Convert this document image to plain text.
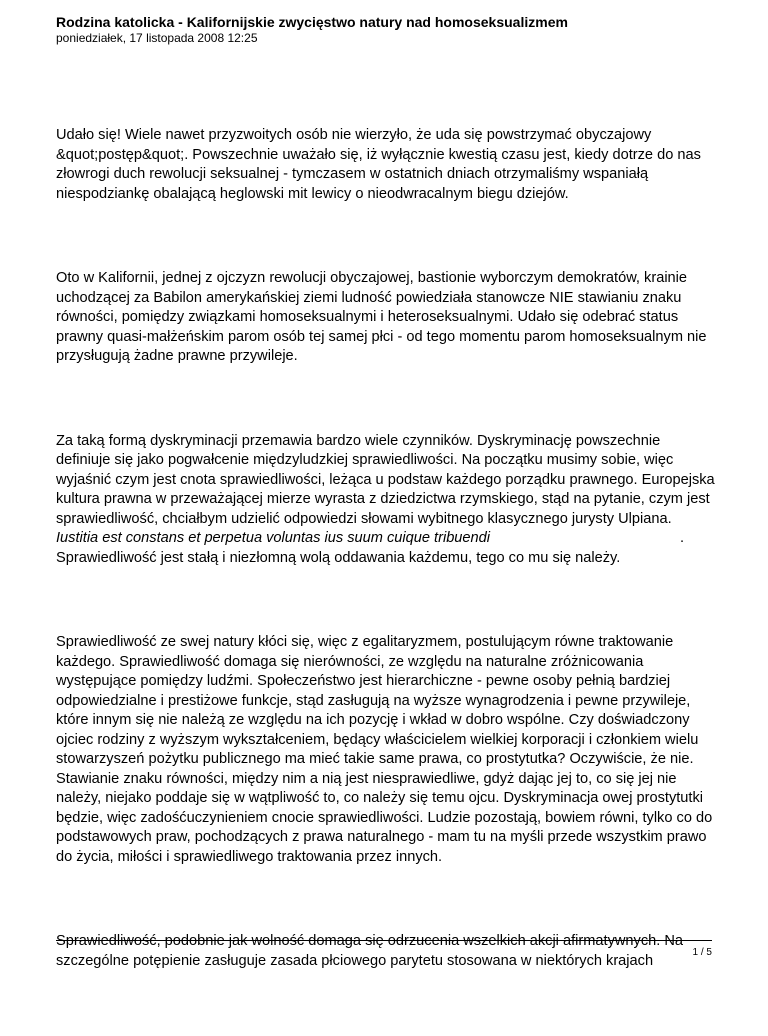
Rodzina katolicka - Kalifornijskie zwycięstwo natury nad homoseksualizmem

poniedziałek, 17 listopada 2008 12:25

Udało się! Wiele nawet przyzwoitych osób nie wierzyło, że uda się powstrzymać obyczajowy &quot;postęp&quot;. Powszechnie uważało się, iż wyłącznie kwestią czasu jest, kiedy dotrze do nas złowrogi duch rewolucji seksualnej - tymczasem w ostatnich dniach otrzymaliśmy wspaniałą niespodziankę obalającą heglowski mit lewicy o nieodwracalnym biegu dziejów.

Oto w Kalifornii, jednej z ojczyzn rewolucji obyczajowej, bastionie wyborczym demokratów, krainie uchodzącej za Babilon amerykańskiej ziemi ludność powiedziała stanowcze NIE stawianiu znaku równości, pomiędzy związkami homoseksualnymi i heteroseksualnymi. Udało się odebrać status prawny quasi-małżeńskim parom osób tej samej płci - od tego momentu parom homoseksualnym nie przysługują żadne prawne przywileje.

Za taką formą dyskryminacji przemawia bardzo wiele czynników. Dyskryminację powszechnie definiuje się jako pogwałcenie międzyludzkiej sprawiedliwości. Na początku musimy sobie, więc wyjaśnić czym jest cnota sprawiedliwości, leżąca u podstaw każdego porządku prawnego. Europejska kultura prawna w przeważającej mierze wyrasta z dziedzictwa rzymskiego, stąd na pytanie, czym jest sprawiedliwość, chciałbym udzielić odpowiedzi słowami wybitnego klasycznego jurysty Ulpiana. Iustitia est constans et perpetua voluntas ius suum cuique tribuendi	. Sprawiedliwość jest stałą i niezłomną wolą oddawania każdemu, tego co mu się należy.

Sprawiedliwość ze swej natury kłóci się, więc z egalitaryzmem, postulującym równe traktowanie każdego. Sprawiedliwość domaga się nierówności, ze względu na naturalne zróżnicowania występujące pomiędzy ludźmi. Społeczeństwo jest hierarchiczne - pewne osoby pełnią bardziej odpowiedzialne i prestiżowe funkcje, stąd zasługują na wyższe wynagrodzenia i pewne przywileje, które innym się nie należą ze względu na ich pozycję i wkład w dobro wspólne. Czy doświadczony ojciec rodziny z wyższym wykształceniem, będący właścicielem wielkiej korporacji i członkiem wielu stowarzyszeń pożytku publicznego ma mieć takie same prawa, co prostytutka? Oczywiście, że nie. Stawianie znaku równości, między nim a nią jest niesprawiedliwe, gdyż dając jej to, co się jej nie należy, niejako poddaje się w wątpliwość to, co należy się temu ojcu. Dyskryminacja owej prostytutki będzie, więc zadośćuczynieniem cnocie sprawiedliwości. Ludzie pozostają, bowiem równi, tylko co do podstawowych praw, pochodzących z prawa naturalnego - mam tu na myśli przede wszystkim prawo do życia, miłości i sprawiedliwego traktowania przez innych.

Sprawiedliwość, podobnie jak wolność domaga się odrzucenia wszelkich akcji afirmatywnych. Na szczególne potępienie zasługuje zasada płciowego parytetu stosowana w niektórych krajach	1 / 5
